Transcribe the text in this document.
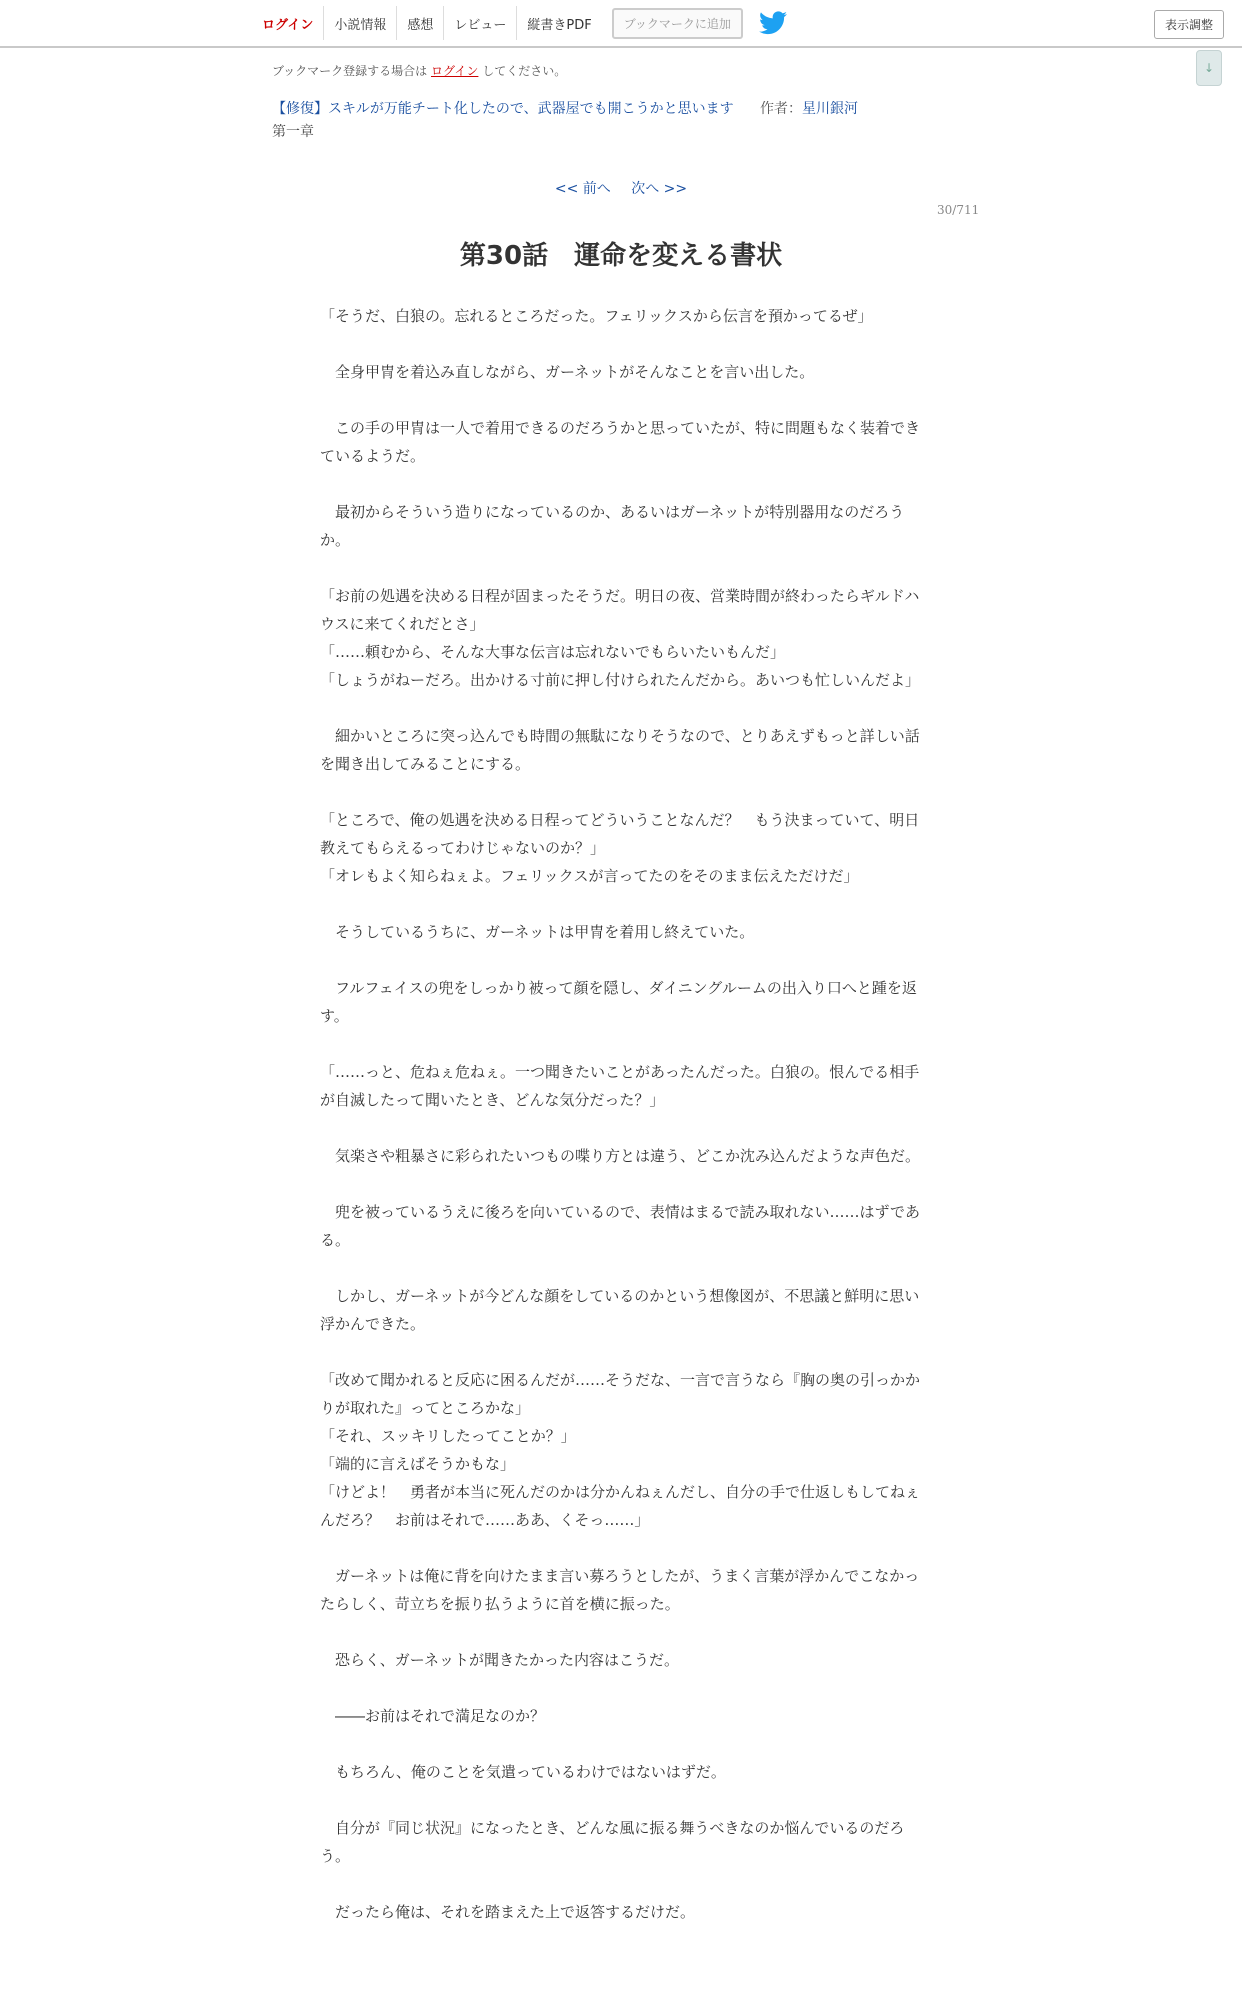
ログイン	小説情報	感想	レビュー	縦書きPDF	ブックマークに追加	表示調整
↓
ブックマーク登録する場合は ログイン してください。
【修復】スキルが万能チート化したので、武器屋でも開こうかと思います 作者：星川銀河
第一章
<< 前へ 次へ >>
30/711
第30話　運命を変える書状

「そうだ、白狼の。忘れるところだった。フェリックスから伝言を預かってるぜ」

　全身甲冑を着込み直しながら、ガーネットがそんなことを言い出した。

　この手の甲冑は一人で着用できるのだろうかと思っていたが、特に問題もなく装着できているようだ。

　最初からそういう造りになっているのか、あるいはガーネットが特別器用なのだろうか。

「お前の処遇を決める日程が固まったそうだ。明日の夜、営業時間が終わったらギルドハウスに来てくれだとさ」

「……頼むから、そんな大事な伝言は忘れないでもらいたいもんだ」

「しょうがねーだろ。出かける寸前に押し付けられたんだから。あいつも忙しいんだよ」

　細かいところに突っ込んでも時間の無駄になりそうなので、とりあえずもっと詳しい話を聞き出してみることにする。

「ところで、俺の処遇を決める日程ってどういうことなんだ？　もう決まっていて、明日教えてもらえるってわけじゃないのか？」

「オレもよく知らねぇよ。フェリックスが言ってたのをそのまま伝えただけだ」

　そうしているうちに、ガーネットは甲冑を着用し終えていた。

　フルフェイスの兜をしっかり被って顔を隠し、ダイニングルームの出入り口へと踵を返す。

「……っと、危ねぇ危ねぇ。一つ聞きたいことがあったんだった。白狼の。恨んでる相手が自滅したって聞いたとき、どんな気分だった？」

　気楽さや粗暴さに彩られたいつもの喋り方とは違う、どこか沈み込んだような声色だ。

　兜を被っているうえに後ろを向いているので、表情はまるで読み取れない……はずである。

　しかし、ガーネットが今どんな顔をしているのかという想像図が、不思議と鮮明に思い浮かんできた。

「改めて聞かれると反応に困るんだが……そうだな、一言で言うなら『胸の奥の引っかかりが取れた』ってところかな」

「それ、スッキリしたってことか？」

「端的に言えばそうかもな」

「けどよ！　勇者が本当に死んだのかは分かんねぇんだし、自分の手で仕返しもしてねぇんだろ？　お前はそれで……ああ、くそっ……」

　ガーネットは俺に背を向けたまま言い募ろうとしたが、うまく言葉が浮かんでこなかったらしく、苛立ちを振り払うように首を横に振った。

　恐らく、ガーネットが聞きたかった内容はこうだ。

　――お前はそれで満足なのか？

　もちろん、俺のことを気遣っているわけではないはずだ。

　自分が『同じ状況』になったとき、どんな風に振る舞うべきなのか悩んでいるのだろう。

　だったら俺は、それを踏まえた上で返答するだけだ。
